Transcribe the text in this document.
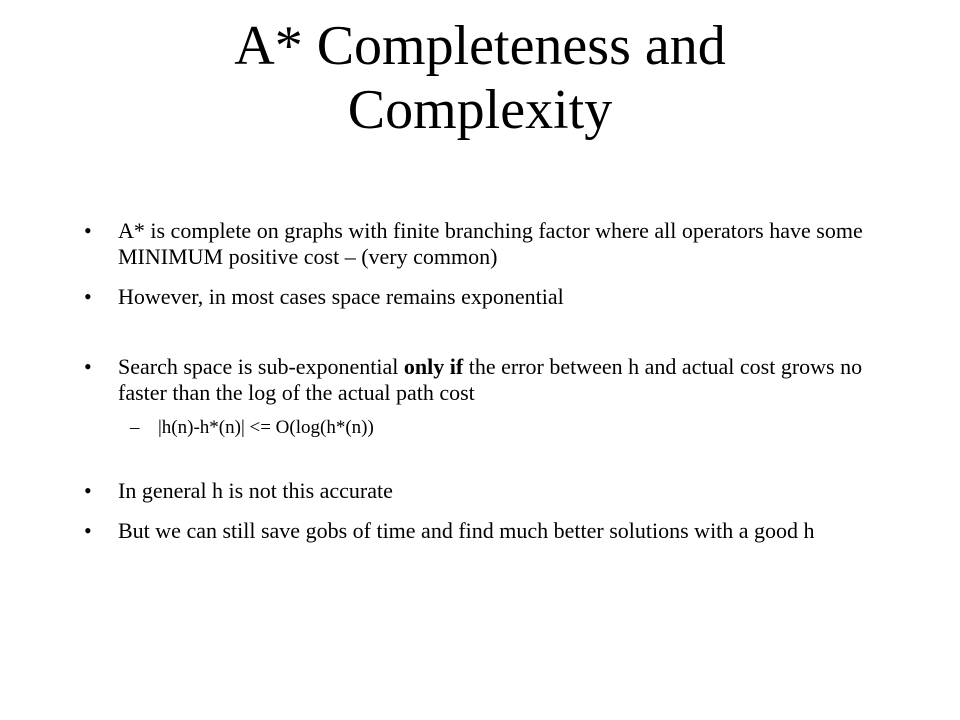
A* Completeness and
Complexity

•	A* is complete on graphs with finite branching factor where all operators have some MINIMUM positive cost – (very common)

•	However, in most cases space remains exponential

•	Search space is sub-exponential only if the error between h and actual cost grows no faster than the log of the actual path cost

– |h(n)-h*(n)| <= O(log(h*(n))

•	In general h is not this accurate

•	But we can still save gobs of time and find much better solutions with a good h
